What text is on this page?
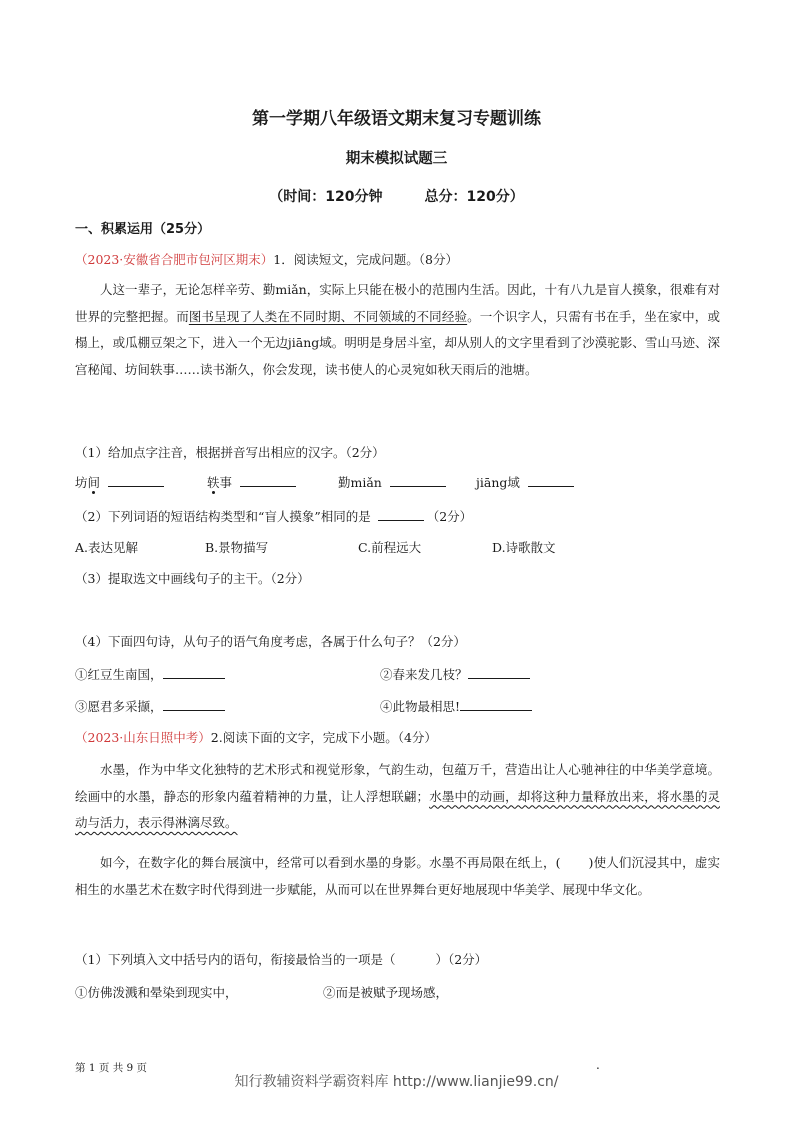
第一学期八年级语文期末复习专题训练
期末模拟试题三
（时间：120分钟　　　总分：120分）
一、积累运用（25分）
（2023·安徽省合肥市包河区期末）1．阅读短文，完成问题。（8分）
人这一辈子，无论怎样辛劳、勤miǎn，实际上只能在极小的范围内生活。因此，十有八九是盲人摸象，很难有对世界的完整把握。而图书呈现了人类在不同时期、不同领域的不同经验。一个识字人，只需有书在手，坐在家中，或榻上，或瓜棚豆架之下，进入一个无边jiāng域。明明是身居斗室，却从别人的文字里看到了沙漠驼影、雪山马迹、深宫秘闻、坊间轶事……读书渐久，你会发现，读书使人的心灵宛如秋天雨后的池塘。
（1）给加点字注音，根据拼音写出相应的汉字。（2分）
坊间	轶事	勤miǎn	jiāng域
（2）下列词语的短语结构类型和“盲人摸象”相同的是	（2分）
A.表达见解	B.景物描写	C.前程远大	D.诗歌散文
（3）提取选文中画线句子的主干。（2分）
（4）下面四句诗，从句子的语气角度考虑，各属于什么句子？（2分）
①红豆生南国，	②春来发几枝？
③愿君多采撷，	④此物最相思!
（2023·山东日照中考）2.阅读下面的文字，完成下小题。（4分）
水墨，作为中华文化独特的艺术形式和视觉形象，气韵生动，包蕴万千，营造出让人心驰神往的中华美学意境。绘画中的水墨，静态的形象内蕴着精神的力量，让人浮想联翩；水墨中的动画，却将这种力量释放出来，将水墨的灵动与活力，表示得淋漓尽致。
如今，在数字化的舞台展演中，经常可以看到水墨的身影。水墨不再局限在纸上，( )使人们沉浸其中，虚实相生的水墨艺术在数字时代得到进一步赋能，从而可以在世界舞台更好地展现中华美学、展现中华文化。
（1）下列填入文中括号内的语句，衔接最恰当的一项是（	）（2分）
①仿佛泼溅和晕染到现实中，	②而是被赋予现场感，
第 1 页 共 9 页	.
知行教辅资料学霸资料库 http://www.lianjie99.cn/
